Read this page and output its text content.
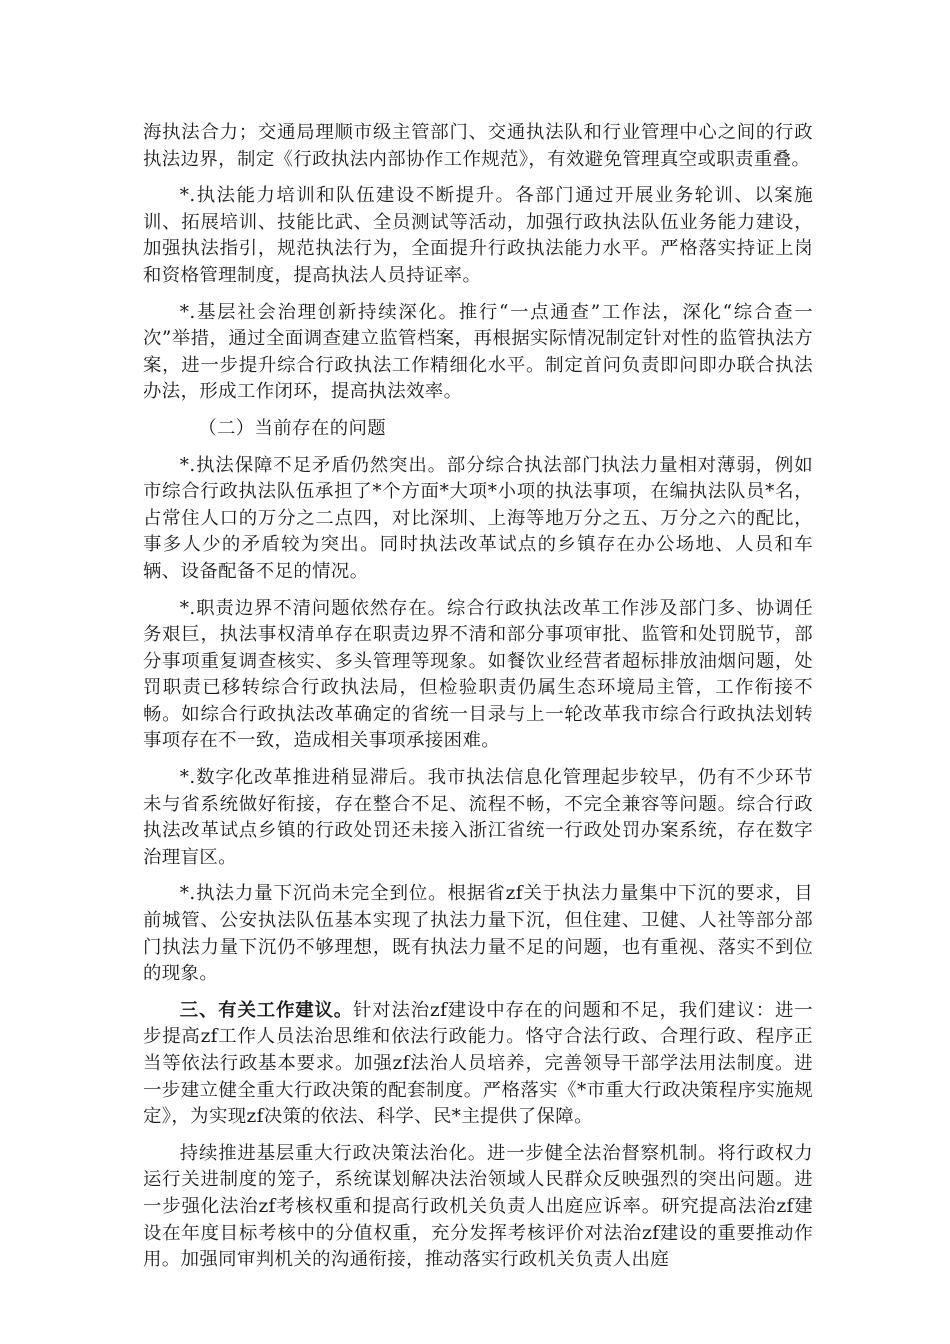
海执法合力；交通局理顺市级主管部门、交通执法队和行业管理中心之间的行政执法边界，制定《行政执法内部协作工作规范》，有效避免管理真空或职责重叠。

*.执法能力培训和队伍建设不断提升。各部门通过开展业务轮训、以案施训、拓展培训、技能比武、全员测试等活动，加强行政执法队伍业务能力建设，加强执法指引，规范执法行为，全面提升行政执法能力水平。严格落实持证上岗和资格管理制度，提高执法人员持证率。

*.基层社会治理创新持续深化。推行“一点通查”工作法，深化“综合查一次”举措，通过全面调查建立监管档案，再根据实际情况制定针对性的监管执法方案，进一步提升综合行政执法工作精细化水平。制定首问负责即问即办联合执法办法，形成工作闭环，提高执法效率。

（二）当前存在的问题

*.执法保障不足矛盾仍然突出。部分综合执法部门执法力量相对薄弱，例如市综合行政执法队伍承担了*个方面*大项*小项的执法事项，在编执法队员*名，占常住人口的万分之二点四，对比深圳、上海等地万分之五、万分之六的配比，事多人少的矛盾较为突出。同时执法改革试点的乡镇存在办公场地、人员和车辆、设备配备不足的情况。

*.职责边界不清问题依然存在。综合行政执法改革工作涉及部门多、协调任务艰巨，执法事权清单存在职责边界不清和部分事项审批、监管和处罚脱节，部分事项重复调查核实、多头管理等现象。如餐饮业经营者超标排放油烟问题，处罚职责已移转综合行政执法局，但检验职责仍属生态环境局主管，工作衔接不畅。如综合行政执法改革确定的省统一目录与上一轮改革我市综合行政执法划转事项存在不一致，造成相关事项承接困难。

*.数字化改革推进稍显滞后。我市执法信息化管理起步较早，仍有不少环节未与省系统做好衔接，存在整合不足、流程不畅，不完全兼容等问题。综合行政执法改革试点乡镇的行政处罚还未接入浙江省统一行政处罚办案系统，存在数字治理盲区。

*.执法力量下沉尚未完全到位。根据省zf关于执法力量集中下沉的要求，目前城管、公安执法队伍基本实现了执法力量下沉，但住建、卫健、人社等部分部门执法力量下沉仍不够理想，既有执法力量不足的问题，也有重视、落实不到位的现象。

三、有关工作建议。针对法治zf建设中存在的问题和不足，我们建议：进一步提高zf工作人员法治思维和依法行政能力。恪守合法行政、合理行政、程序正当等依法行政基本要求。加强zf法治人员培养，完善领导干部学法用法制度。进一步建立健全重大行政决策的配套制度。严格落实《*市重大行政决策程序实施规定》，为实现zf决策的依法、科学、民*主提供了保障。

持续推进基层重大行政决策法治化。进一步健全法治督察机制。将行政权力运行关进制度的笼子，系统谋划解决法治领域人民群众反映强烈的突出问题。进一步强化法治zf考核权重和提高行政机关负责人出庭应诉率。研究提高法治zf建设在年度目标考核中的分值权重，充分发挥考核评价对法治zf建设的重要推动作用。加强同审判机关的沟通衔接，推动落实行政机关负责人出庭
